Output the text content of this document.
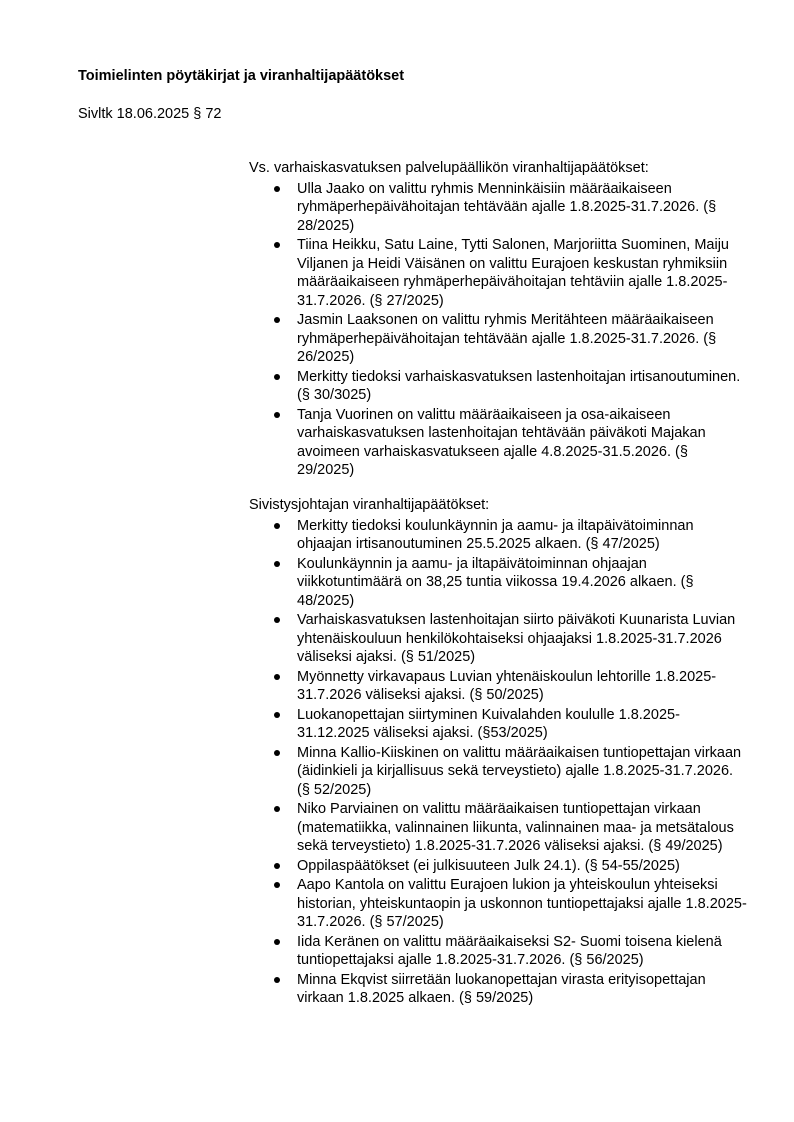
Toimielinten pöytäkirjat ja viranhaltijapäätökset
Sivltk 18.06.2025 § 72
Vs. varhaiskasvatuksen palvelupäällikön viranhaltijapäätökset:
Ulla Jaako on valittu ryhmis Menninkäisiin määräaikaiseen ryhmäperhepäivähoitajan tehtävään ajalle 1.8.2025-31.7.2026. (§ 28/2025)
Tiina Heikku, Satu Laine, Tytti Salonen, Marjoriitta Suominen, Maiju Viljanen ja Heidi Väisänen on valittu Eurajoen keskustan ryhmiksiin määräaikaiseen ryhmäperhepäivähoitajan tehtäviin ajalle 1.8.2025-31.7.2026. (§ 27/2025)
Jasmin Laaksonen on valittu ryhmis Meritähteen määräaikaiseen ryhmäperhepäivähoitajan tehtävään ajalle 1.8.2025-31.7.2026. (§ 26/2025)
Merkitty tiedoksi varhaiskasvatuksen lastenhoitajan irtisanoutuminen. (§ 30/3025)
Tanja Vuorinen on valittu määräaikaiseen ja osa-aikaiseen varhaiskasvatuksen lastenhoitajan tehtävään päiväkoti Majakan avoimeen varhaiskasvatukseen ajalle 4.8.2025-31.5.2026. (§ 29/2025)
Sivistysjohtajan viranhaltijapäätökset:
Merkitty tiedoksi koulunkäynnin ja aamu- ja iltapäivätoiminnan ohjaajan irtisanoutuminen 25.5.2025 alkaen. (§ 47/2025)
Koulunkäynnin ja aamu- ja iltapäivätoiminnan ohjaajan viikkotuntimäärä on 38,25 tuntia viikossa 19.4.2026 alkaen. (§ 48/2025)
Varhaiskasvatuksen lastenhoitajan siirto päiväkoti Kuunarista Luvian yhtenäiskouluun henkilökohtaiseksi ohjaajaksi 1.8.2025-31.7.2026 väliseksi ajaksi. (§ 51/2025)
Myönnetty virkavapaus Luvian yhtenäiskoulun lehtorille 1.8.2025-31.7.2026 väliseksi ajaksi. (§ 50/2025)
Luokanopettajan siirtyminen Kuivalahden koululle 1.8.2025-31.12.2025 väliseksi ajaksi. (§53/2025)
Minna Kallio-Kiiskinen on valittu määräaikaisen tuntiopettajan virkaan (äidinkieli ja kirjallisuus sekä terveystieto) ajalle 1.8.2025-31.7.2026. (§ 52/2025)
Niko Parviainen on valittu määräaikaisen tuntiopettajan virkaan (matematiikka, valinnainen liikunta, valinnainen maa- ja metsätalous sekä terveystieto) 1.8.2025-31.7.2026 väliseksi ajaksi. (§ 49/2025)
Oppilaspäätökset (ei julkisuuteen Julk 24.1). (§ 54-55/2025)
Aapo Kantola on valittu Eurajoen lukion ja yhteiskoulun yhteiseksi historian, yhteiskuntaopin ja uskonnon tuntiopettajaksi ajalle 1.8.2025-31.7.2026. (§ 57/2025)
Iida Keränen on valittu määräaikaiseksi S2- Suomi toisena kielenä tuntiopettajaksi ajalle 1.8.2025-31.7.2026. (§ 56/2025)
Minna Ekqvist siirretään luokanopettajan virasta erityisopettajan virkaan 1.8.2025 alkaen. (§ 59/2025)
